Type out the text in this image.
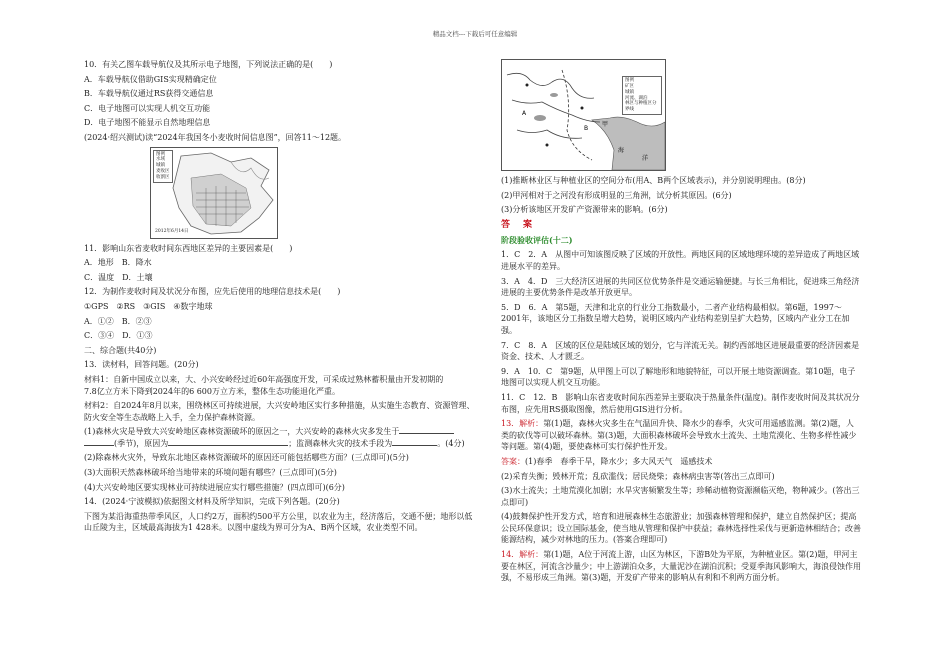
精品文档---下载后可任意编辑

10．有关乙图车载导航仪及其所示电子地图，下列说法正确的是(　　)

A．车载导航仪借助GIS实现精确定位

B．车载导航仪通过RS获得交通信息

C．电子地图可以实现人机交互功能

D．电子地图不能显示自然地理信息

(2024·绍兴测试)读“2024年我国冬小麦收时间信息图”，回答11～12题。

图例
水域
城镇
麦收区
收割区
2012年6月14日

11．影响山东省麦收时间东西地区差异的主要因素是(　　)

A．地形　B．降水

C．温度　D．土壤

12．为制作麦收时间及状况分布图，应先后使用的地理信息技术是(　　)

①GPS　②RS　③GIS　④数字地球

A．①②　B．②③

C．③④　D．①③

二、综合题(共40分)

13．读材料，回答问题。(20分)

材料1：自新中国成立以来，大、小兴安岭经过近60年高强度开发，可采成过熟林蓄积量由开发初期的
7.8亿立方米下降到2024年的6 600万立方米，整体生态功能退化严重。

材料2：自2024年8月以来，围绕林区可持续进展，大兴安岭地区实行多种措施，从实施生态教育、资源管理、防火安全等生态战略上入手，全力保护森林资源。

(1)森林火灾是导致大兴安岭地区森林资源破坏的原因之一，大兴安岭的森林火灾多发生于
(季节)，原因为	；监测森林火灾的技术手段为	。(4分)

(2)除森林火灾外，导致东北地区森林资源破坏的原因还可能包括哪些方面？(三点即可)(5分)

(3)大面积天然森林破坏给当地带来的环境问题有哪些？(三点即可)(5分)

(4)大兴安岭地区要实现林业可持续进展应实行哪些措施？(四点即可)(6分)

14．(2024·宁波模拟)依据图文材料及所学知识，完成下列各题。(20分)

下图为某沿海重热带季风区，人口约2万，面积约500平方公里，以农业为主，经济落后，交通不便；地形以低山丘陵为主，区域最高海拔为1 428米。以图中虚线为界可分为A、B两个区域，农业类型不同。

A
B
甲
海
洋
图例
矿区
城镇
河流、湖泊
林区与种植区分界线

(1)推断林业区与种植业区的空间分布(用A、B两个区域表示)，并分别说明理由。(8分)

(2)甲河相对于之河没有形成明显的三角洲，试分析其原因。(6分)

(3)分析该地区开发矿产资源带来的影响。(6分)

答　案

阶段验收评估(十二)

1．C　2．A　从图中可知该图反映了区域的开放性。两地区间的区域地理环境的差异造成了两地区域进展水平的差异。

3．A　4．D　三大经济区进展的共同区位优势条件是交通运输便捷。与长三角相比，促进珠三角经济进展的主要优势条件是改革开放更早。

5．D　6．A　第5题，天津和北京的行业分工指数最小，二者产业结构最相似。第6题，1997～2001年，该地区分工指数呈增大趋势，说明区域内产业结构差别呈扩大趋势，区域内产业分工在加强。

7．C　8．A　区域的区位是陆域区域的划分，它与洋流无关。制约西部地区进展最重要的经济因素是资金、技术、人才匮乏。

9．A　10．C　第9题，从甲图上可以了解地形和地貌特征，可以开展土地资源调查。第10题，电子地图可以实现人机交互功能。

11．C　12．B　影响山东省麦收时间东西差异主要取决于热量条件(温度)。制作麦收时间及其状况分布图，应先用RS摄取图像，然后使用GIS进行分析。

13．解析：第(1)题，森林火灾多生在气温回升快、降水少的春季，火灾可用遥感监测。第(2)题，人类的砍伐等可以破坏森林。第(3)题，大面积森林破坏会导致水土流失、土地荒漠化、生物多样性减少等问题。第(4)题，要使森林可实行保护性开发。

答案：(1)春季　春季干旱，降水少；多大风天气　遥感技术

(2)采育失衡；毁林开荒；乱砍滥伐；居民烧柴；森林病虫害等(答出三点即可)

(3)水土流失；土地荒漠化加剧；水旱灾害频繁发生等；珍稀动植物资源濒临灭绝，物种减少。(答出三点即可)

(4)鼓舞保护性开发方式，培育和进展森林生态旅游业；加强森林管理和保护，建立自然保护区；提高公民环保意识；设立国际基金，使当地从管理和保护中获益；森林选择性采伐与更新造林相结合；改善能源结构，减少对林地的压力。(答案合理即可)

14．解析：第(1)题，A位于河流上游，山区为林区，下游B处为平原，为种植业区。第(2)题，甲河主要在林区，河流含沙量少；中上游湖泊众多，大量泥沙在湖泊沉积；受夏季海风影响大，海浪侵蚀作用强，不易形成三角洲。第(3)题，开发矿产带来的影响从有利和不利两方面分析。
